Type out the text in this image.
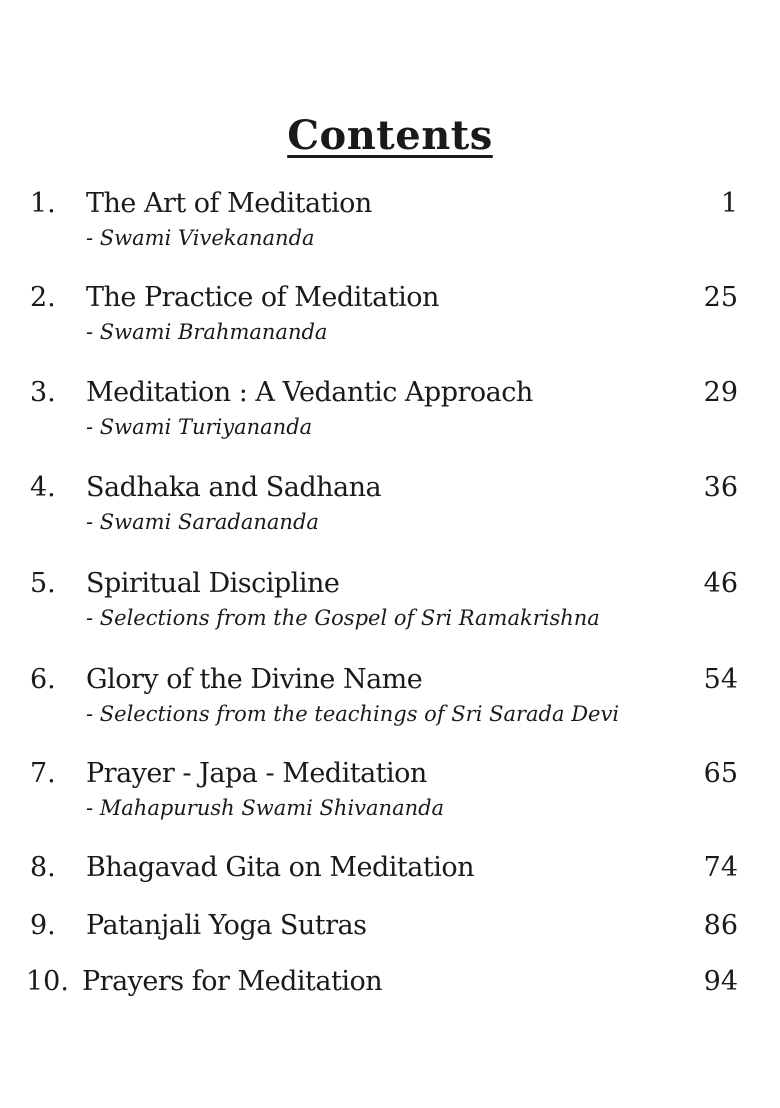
Contents
1. The Art of Meditation	1
- Swami Vivekananda
2. The Practice of Meditation	25
- Swami Brahmananda
3. Meditation : A Vedantic Approach	29
- Swami Turiyananda
4. Sadhaka and Sadhana	36
- Swami Saradananda
5. Spiritual Discipline	46
- Selections from the Gospel of Sri Ramakrishna
6. Glory of the Divine Name	54
- Selections from the teachings of Sri Sarada Devi
7. Prayer - Japa - Meditation	65
- Mahapurush Swami Shivananda
8. Bhagavad Gita on Meditation	74
9. Patanjali Yoga Sutras	86
10. Prayers for Meditation	94
